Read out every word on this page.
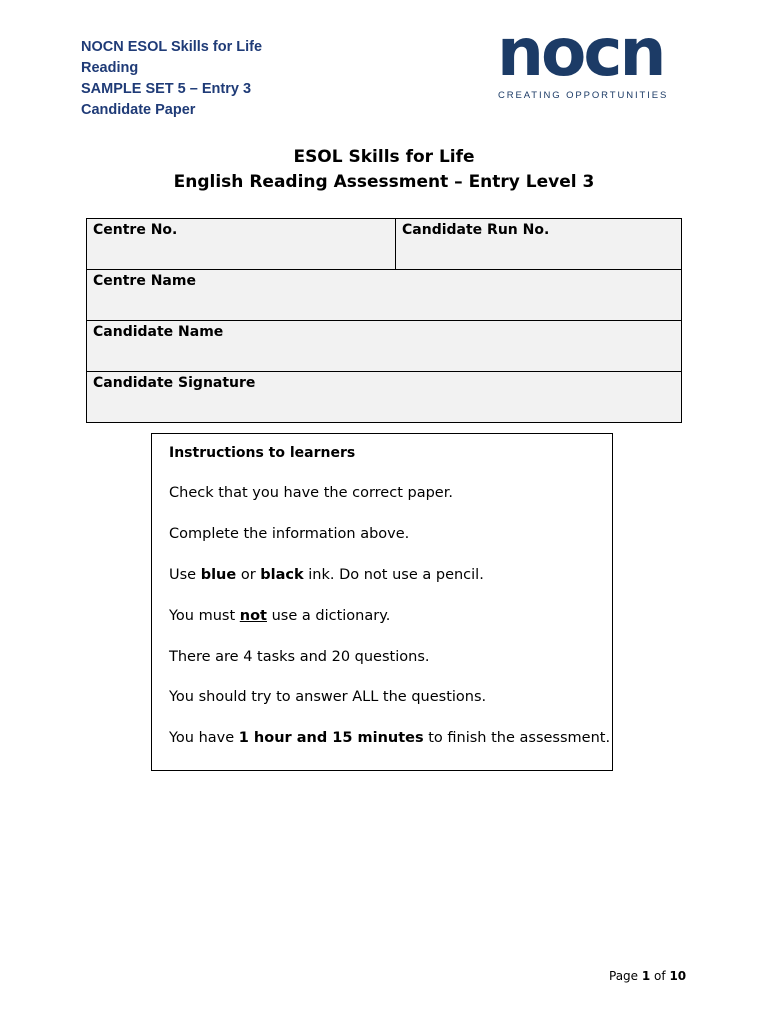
NOCN ESOL Skills for Life
Reading
SAMPLE SET 5 – Entry 3
Candidate Paper
nocn
CREATING OPPORTUNITIES
ESOL Skills for Life
English Reading Assessment – Entry Level 3
Centre No.	Candidate Run No.
Centre Name
Candidate Name
Candidate Signature
Instructions to learners
Check that you have the correct paper.
Complete the information above.
Use blue or black ink. Do not use a pencil.
You must not use a dictionary.
There are 4 tasks and 20 questions.
You should try to answer ALL the questions.
You have 1 hour and 15 minutes to finish the assessment.
Page 1 of 10
